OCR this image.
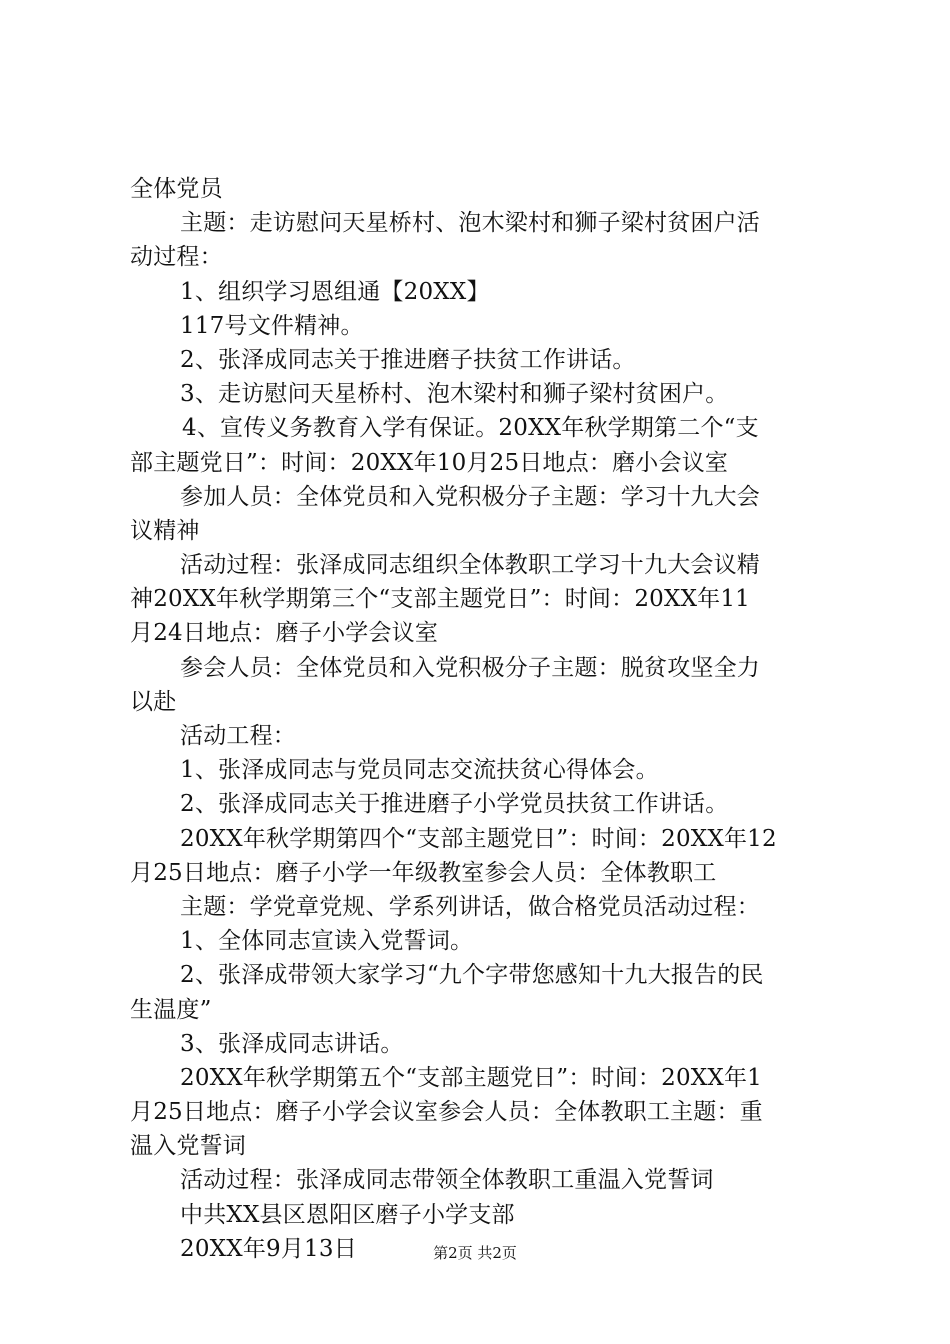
全体党员
主题：走访慰问天星桥村、泡木梁村和狮子梁村贫困户活
动过程：
1、组织学习恩组通【20XX】
117号文件精神。
2、张泽成同志关于推进磨子扶贫工作讲话。
3、走访慰问天星桥村、泡木梁村和狮子梁村贫困户。
4、宣传义务教育入学有保证。20XX年秋学期第二个“支
部主题党日”：时间：20XX年10月25日地点：磨小会议室
参加人员：全体党员和入党积极分子主题：学习十九大会
议精神
活动过程：张泽成同志组织全体教职工学习十九大会议精
神20XX年秋学期第三个“支部主题党日”：时间：20XX年11
月24日地点：磨子小学会议室
参会人员：全体党员和入党积极分子主题：脱贫攻坚全力
以赴
活动工程：
1、张泽成同志与党员同志交流扶贫心得体会。
2、张泽成同志关于推进磨子小学党员扶贫工作讲话。
20XX年秋学期第四个“支部主题党日”：时间：20XX年12
月25日地点：磨子小学一年级教室参会人员：全体教职工
主题：学党章党规、学系列讲话，做合格党员活动过程：
1、全体同志宣读入党誓词。
2、张泽成带领大家学习“九个字带您感知十九大报告的民
生温度”
3、张泽成同志讲话。
20XX年秋学期第五个“支部主题党日”：时间：20XX年1
月25日地点：磨子小学会议室参会人员：全体教职工主题：重
温入党誓词
活动过程：张泽成同志带领全体教职工重温入党誓词
中共XX县区恩阳区磨子小学支部
20XX年9月13日	第2页 共2页
